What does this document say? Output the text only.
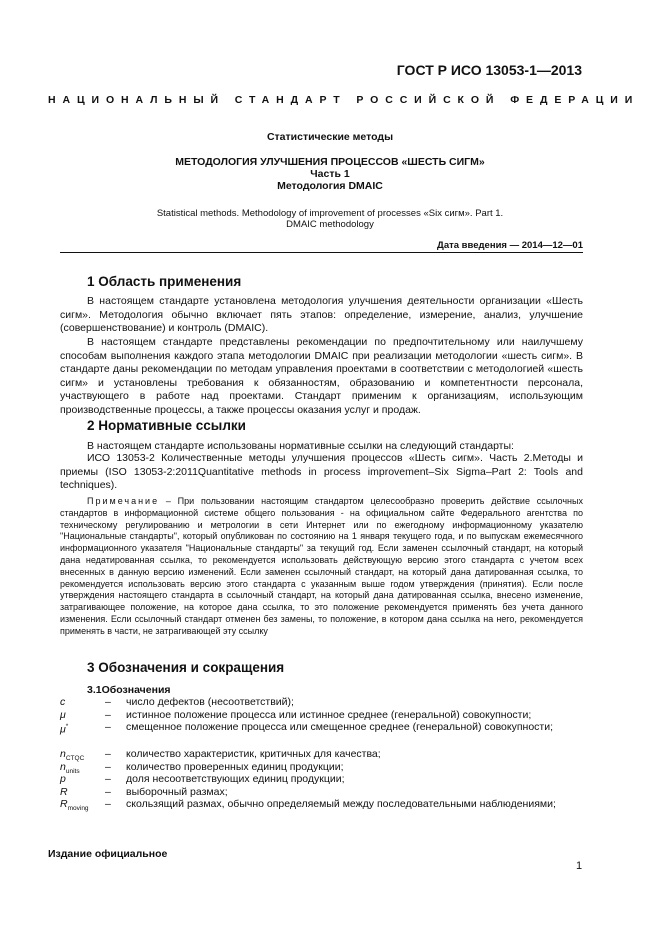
ГОСТ Р ИСО 13053-1—2013
НАЦИОНАЛЬНЫЙ СТАНДАРТ РОССИЙСКОЙ ФЕДЕРАЦИИ
Статистические методы
МЕТОДОЛОГИЯ УЛУЧШЕНИЯ ПРОЦЕССОВ «ШЕСТЬ СИГМ»
Часть 1
Методология DMAIC
Statistical methods. Methodology of improvement of processes «Six сигм». Part 1.
DMAIC methodology
Дата введения — 2014—12—01
1 Область применения

В настоящем стандарте установлена методология улучшения деятельности организации «Шесть сигм». Методология обычно включает пять этапов: определение, измерение, анализ, улучшение (совершенствование) и контроль (DMAIC).

В настоящем стандарте представлены рекомендации по предпочтительному или наилучшему способам выполнения каждого этапа методологии DMAIC при реализации методологии «шесть сигм». В стандарте даны рекомендации по методам управления проектами в соответствии с методологией «шесть сигм» и установлены требования к обязанностям, образованию и компетентности персонала, участвующего в работе над проектами. Стандарт применим к организациям, использующим производственные процессы, а также процессы оказания услуг и продаж.

2 Нормативные ссылки

В настоящем стандарте использованы нормативные ссылки на следующий стандарты:

ИСО 13053-2 Количественные методы улучшения процессов «Шесть сигм». Часть 2.Методы и приемы (ISO 13053-2:2011Quantitative methods in process improvement–Six Sigma–Part 2: Tools and techniques).

Примечание – При пользовании настоящим стандартом целесообразно проверить действие ссылочных стандартов в информационной системе общего пользования - на официальном сайте Федерального агентства по техническому регулированию и метрологии в сети Интернет или по ежегодному информационному указателю "Национальные стандарты", который опубликован по состоянию на 1 января текущего года, и по выпускам ежемесячного информационного указателя "Национальные стандарты" за текущий год. Если заменен ссылочный стандарт, на который дана недатированная ссылка, то рекомендуется использовать действующую версию этого стандарта с учетом всех внесенных в данную версию изменений. Если заменен ссылочный стандарт, на который дана датированная ссылка, то рекомендуется использовать версию этого стандарта с указанным выше годом утверждения (принятия). Если после утверждения настоящего стандарта в ссылочный стандарт, на который дана датированная ссылка, внесено изменение, затрагивающее положение, на которое дана ссылка, то это положение рекомендуется применять без учета данного изменения. Если ссылочный стандарт отменен без замены, то положение, в котором дана ссылка на него, рекомендуется применять в части, не затрагивающей эту ссылку

3 Обозначения и сокращения
3.1Обозначения
c	–	число дефектов (несоответствий);
μ	–	истинное положение процесса или истинное среднее (генеральной) совокупности;
μ*	–	смещенное положение процесса или смещенное среднее (генеральной) совокупности;
$n_{CTQC}$	–	количество характеристик, критичных для качества;
$n_{units}$	–	количество проверенных единиц продукции;
p	–	доля несоответствующих единиц продукции;
R	–	выборочный размах;
$R_{moving}$	–	скользящий размах, обычно определяемый между последовательными наблюдениями;
Издание официальное
1
